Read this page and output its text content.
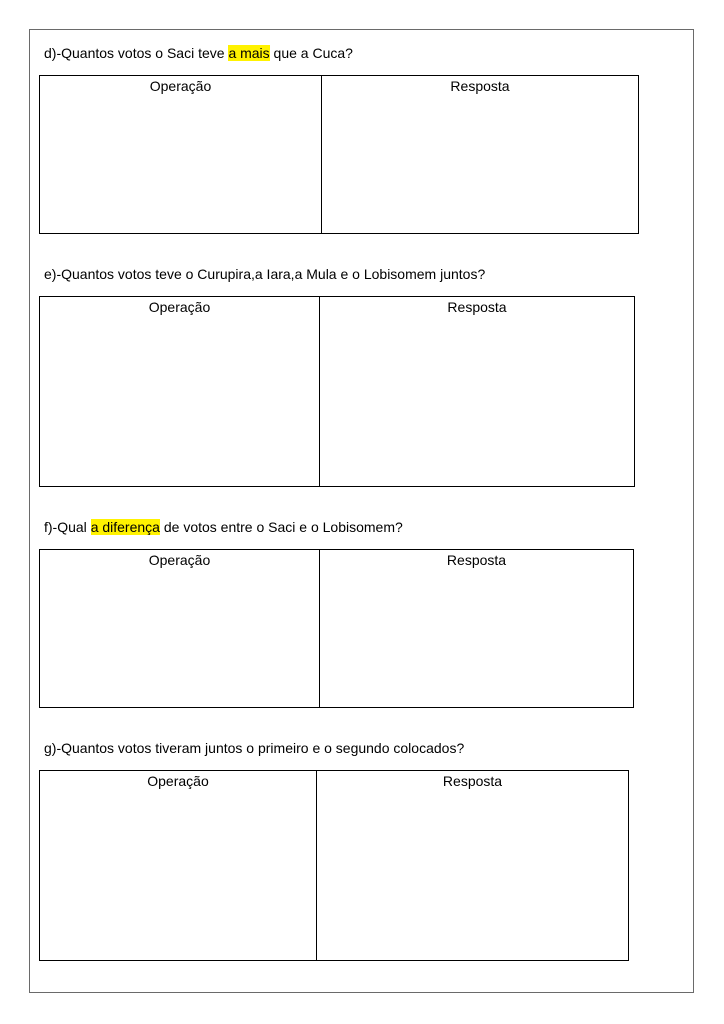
d)-Quantos votos o Saci teve a mais que a Cuca?
Operação	Resposta
e)-Quantos votos teve o Curupira,a Iara,a Mula e o Lobisomem juntos?
Operação	Resposta
f)-Qual a diferença de votos entre o Saci e o Lobisomem?
Operação	Resposta
g)-Quantos votos tiveram juntos o primeiro e o segundo colocados?
Operação	Resposta
